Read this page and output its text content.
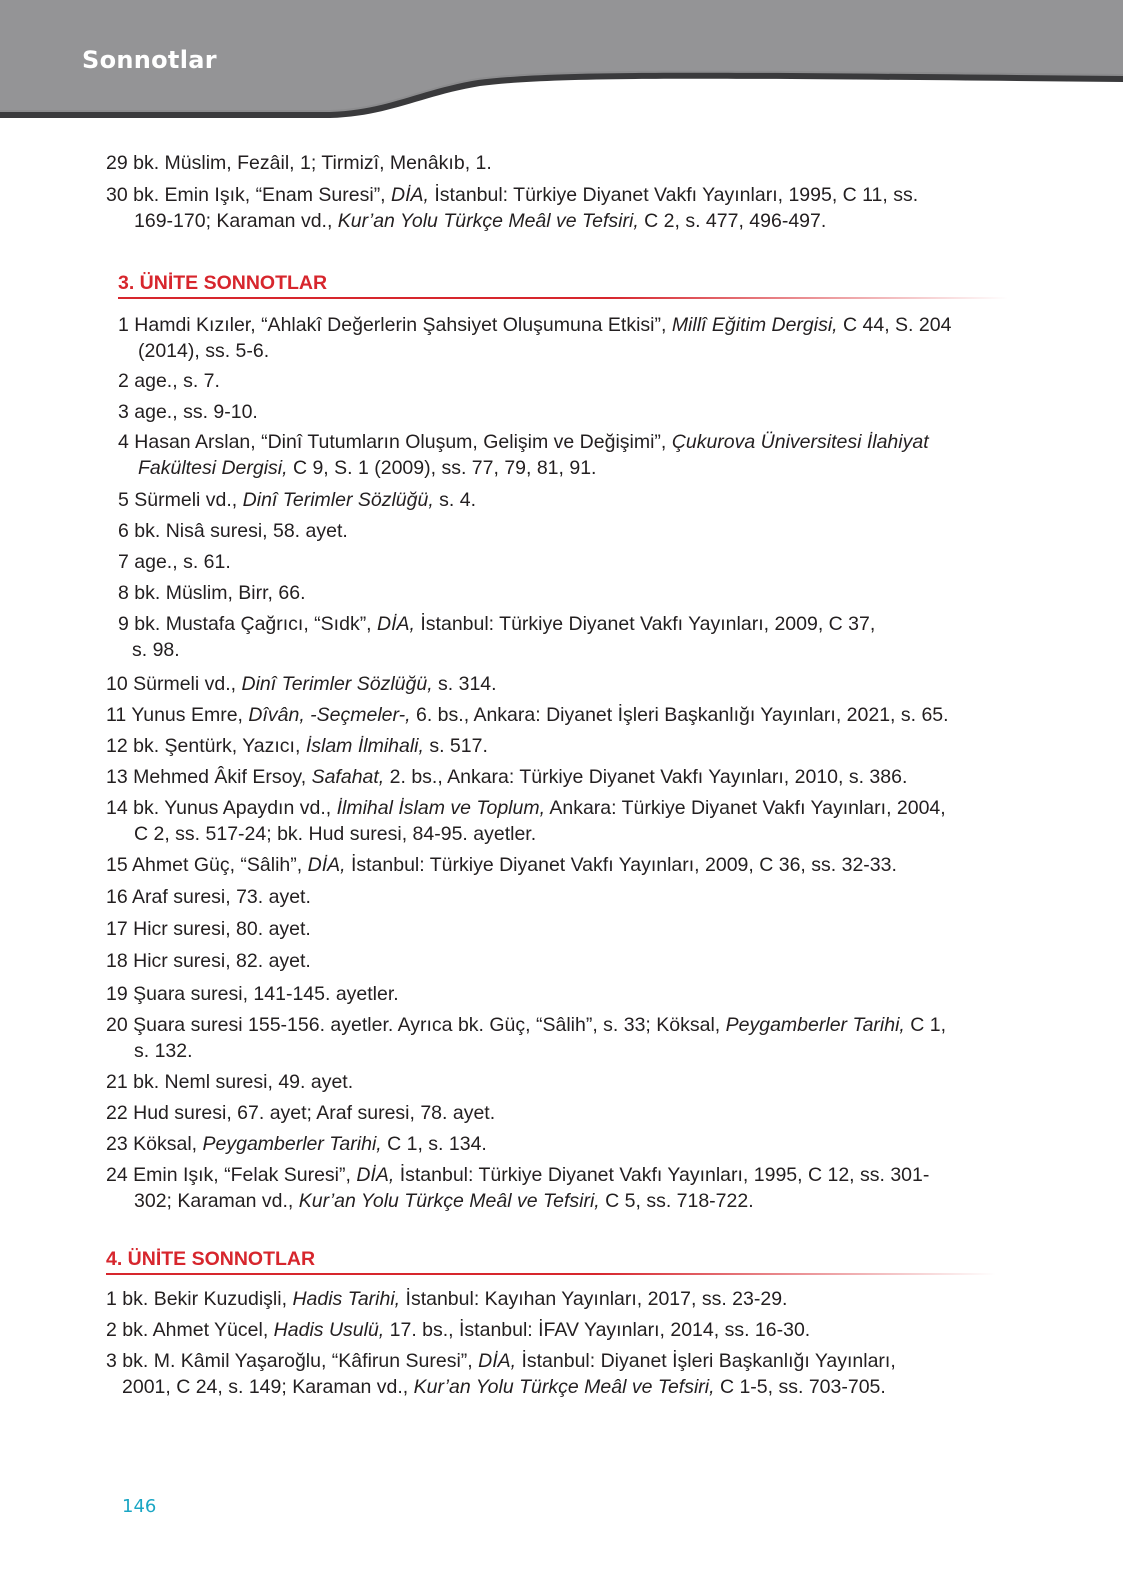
Sonnotlar
29 bk. Müslim, Fezâil, 1; Tirmizî, Menâkıb, 1.
30 bk. Emin Işık, “Enam Suresi”, DİA, İstanbul: Türkiye Diyanet Vakfı Yayınları, 1995, C 11, ss.
169-170; Karaman vd., Kur’an Yolu Türkçe Meâl ve Tefsiri, C 2, s. 477, 496-497.
3. ÜNİTE SONNOTLAR
1 Hamdi Kızıler, “Ahlakî Değerlerin Şahsiyet Oluşumuna Etkisi”, Millî Eğitim Dergisi, C 44, S. 204
(2014), ss. 5-6.
2 age., s. 7.
3 age., ss. 9-10.
4 Hasan Arslan, “Dinî Tutumların Oluşum, Gelişim ve Değişimi”, Çukurova Üniversitesi İlahiyat
Fakültesi Dergisi, C 9, S. 1 (2009), ss. 77, 79, 81, 91.
5 Sürmeli vd., Dinî Terimler Sözlüğü, s. 4.
6 bk. Nisâ suresi, 58. ayet.
7 age., s. 61.
8 bk. Müslim, Birr, 66.
9 bk. Mustafa Çağrıcı, “Sıdk”, DİA, İstanbul: Türkiye Diyanet Vakfı Yayınları, 2009, C 37,
s. 98.
10 Sürmeli vd., Dinî Terimler Sözlüğü, s. 314.
11 Yunus Emre, Dîvân, -Seçmeler-, 6. bs., Ankara: Diyanet İşleri Başkanlığı Yayınları, 2021, s. 65.
12 bk. Şentürk, Yazıcı, İslam İlmihali, s. 517.
13 Mehmed Âkif Ersoy, Safahat, 2. bs., Ankara: Türkiye Diyanet Vakfı Yayınları, 2010, s. 386.
14 bk. Yunus Apaydın vd., İlmihal İslam ve Toplum, Ankara: Türkiye Diyanet Vakfı Yayınları, 2004,
C 2, ss. 517-24; bk. Hud suresi, 84-95. ayetler.
15 Ahmet Güç, “Sâlih”, DİA, İstanbul: Türkiye Diyanet Vakfı Yayınları, 2009, C 36, ss. 32-33.
16 Araf suresi, 73. ayet.
17 Hicr suresi, 80. ayet.
18 Hicr suresi, 82. ayet.
19 Şuara suresi, 141-145. ayetler.
20 Şuara suresi 155-156. ayetler. Ayrıca bk. Güç, “Sâlih”, s. 33; Köksal, Peygamberler Tarihi, C 1,
s. 132.
21 bk. Neml suresi, 49. ayet.
22 Hud suresi, 67. ayet; Araf suresi, 78. ayet.
23 Köksal, Peygamberler Tarihi, C 1, s. 134.
24 Emin Işık, “Felak Suresi”, DİA, İstanbul: Türkiye Diyanet Vakfı Yayınları, 1995, C 12, ss. 301-
302; Karaman vd., Kur’an Yolu Türkçe Meâl ve Tefsiri, C 5, ss. 718-722.
4. ÜNİTE SONNOTLAR
1 bk. Bekir Kuzudişli, Hadis Tarihi, İstanbul: Kayıhan Yayınları, 2017, ss. 23-29.
2 bk. Ahmet Yücel, Hadis Usulü, 17. bs., İstanbul: İFAV Yayınları, 2014, ss. 16-30.
3 bk. M. Kâmil Yaşaroğlu, “Kâfirun Suresi”, DİA, İstanbul: Diyanet İşleri Başkanlığı Yayınları,
2001, C 24, s. 149; Karaman vd., Kur’an Yolu Türkçe Meâl ve Tefsiri, C 1-5, ss. 703-705.
146
